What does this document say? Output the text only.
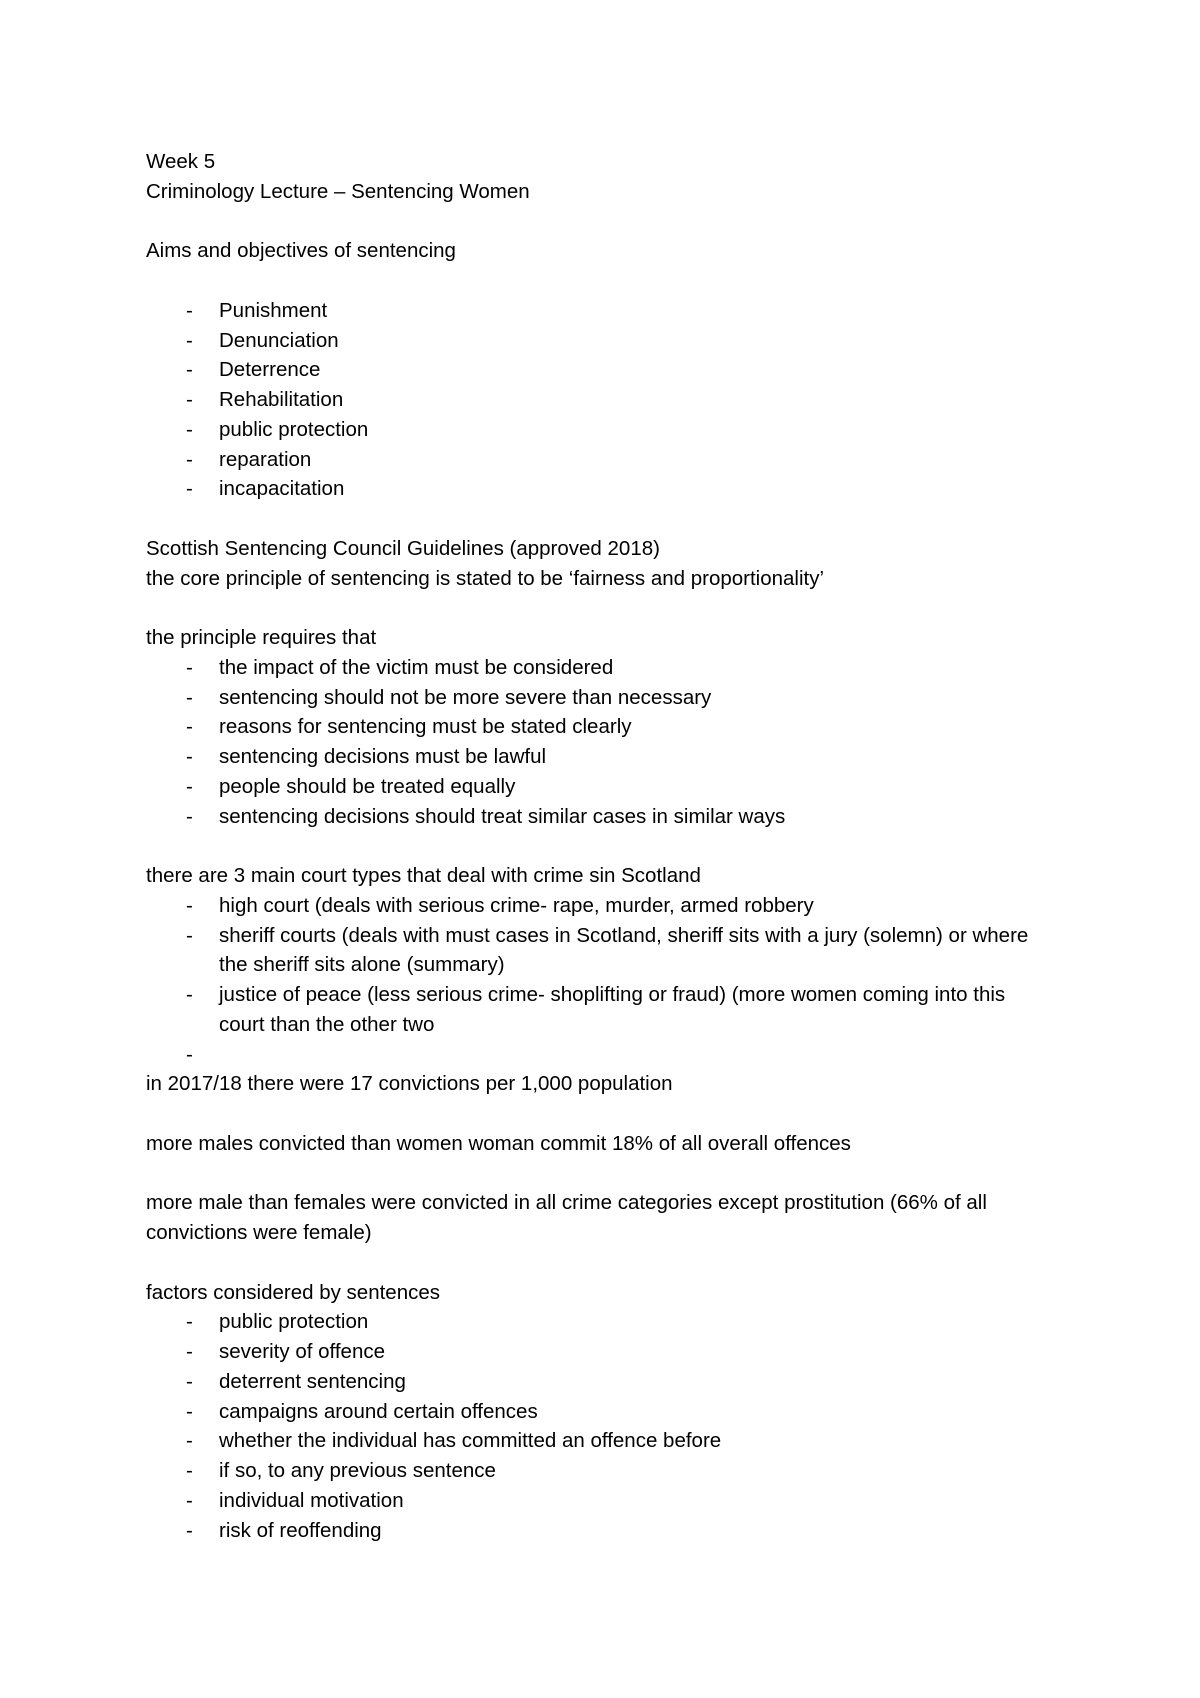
Week 5

Criminology Lecture – Sentencing Women

Aims and objectives of sentencing

- Punishment
- Denunciation
- Deterrence
- Rehabilitation
- public protection
- reparation
- incapacitation

Scottish Sentencing Council Guidelines (approved 2018)

the core principle of sentencing is stated to be ‘fairness and proportionality’

the principle requires that

- the impact of the victim must be considered
- sentencing should not be more severe than necessary
- reasons for sentencing must be stated clearly
- sentencing decisions must be lawful
- people should be treated equally
- sentencing decisions should treat similar cases in similar ways

there are 3 main court types that deal with crime sin Scotland

- high court (deals with serious crime- rape, murder, armed robbery
- sheriff courts (deals with must cases in Scotland, sheriff sits with a jury (solemn) or where the sheriff sits alone (summary)
- justice of peace (less serious crime- shoplifting or fraud) (more women coming into this court than the other two
-

in 2017/18 there were 17 convictions per 1,000 population

more males convicted than women woman commit 18% of all overall offences

more male than females were convicted in all crime categories except prostitution (66% of all convictions were female)

factors considered by sentences

- public protection
- severity of offence
- deterrent sentencing
- campaigns around certain offences
- whether the individual has committed an offence before
- if so, to any previous sentence
- individual motivation
- risk of reoffending
